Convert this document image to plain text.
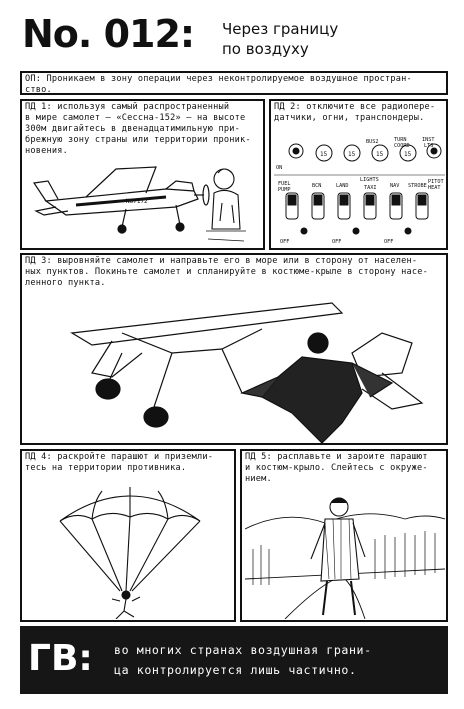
No. 012: Через границу
по воздуху
ОП: Проникаем в зону операции через неконтролируемое воздушное простран-
ство.
ПД 1: используя самый распространенный
в мире самолет — «Сессна-152» — на высоте
300м двигайтесь в двенадцатимильную при-
брежную зону страны или территории проник-
новения.
N67172
ПД 2: отключите все радиопере-
датчики, огни, транспондеры.
15	15	15	15
ON
BUS2	TURN
COORD
INST
LTS
FUEL
PUMP
BCN	LAND
LIGHTS
TAXI	NAV STROBE
PITOT
HEAT
OFF	OFF	OFF
ПД 3: выровняйте самолет и направьте его в море или в сторону от населен-
ных пунктов. Покиньте самолет и спланируйте в костюме-крыле в сторону насе-
ленного пункта.
ПД 4: раскройте парашют и приземли-
тесь на территории противника.
ПД 5: расплавьте и зароите парашют
и костюм-крыло. Слейтесь с окруже-
нием.
ГВ: во многих странах воздушная грани-
ца контролируется лишь частично.
